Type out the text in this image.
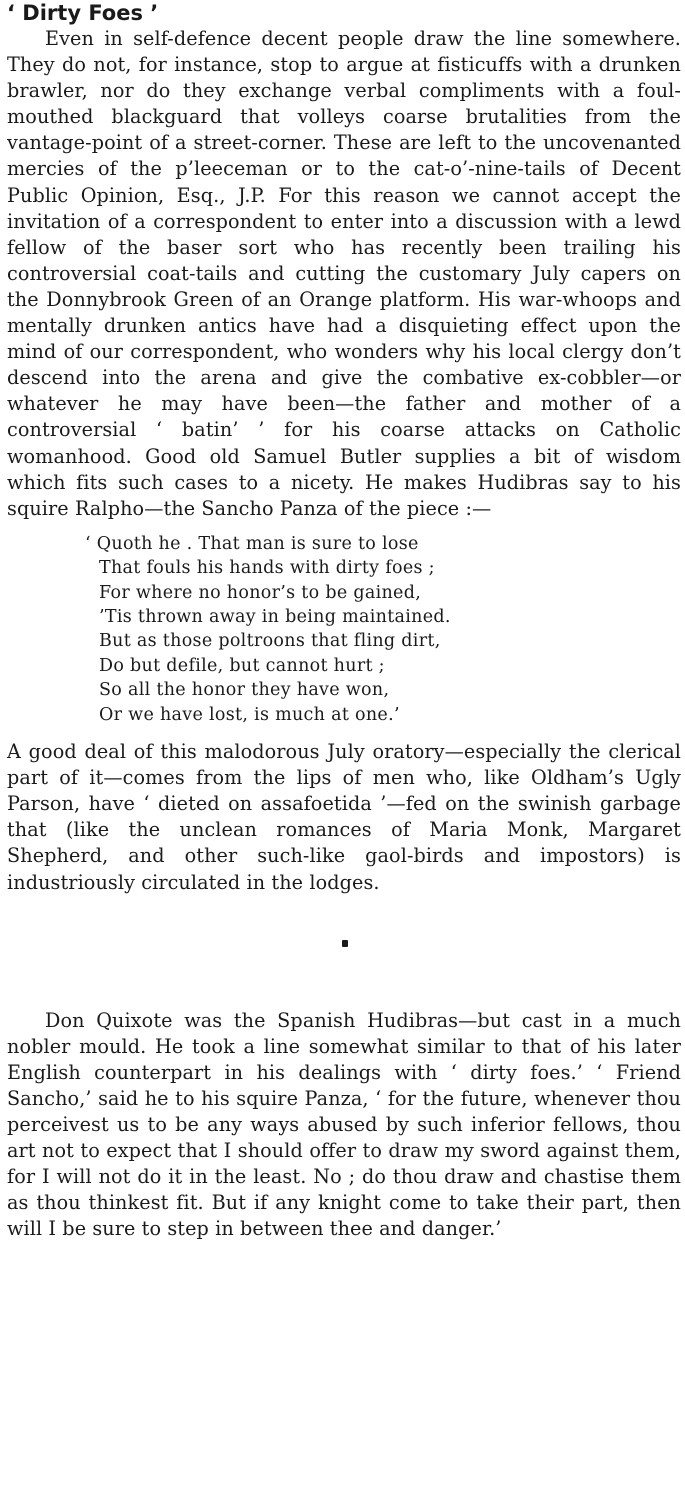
‘ Dirty Foes ’

Even in self-defence decent people draw the line somewhere. They do not, for instance, stop to argue at fisticuffs with a drunken brawler, nor do they exchange verbal compliments with a foul-mouthed blackguard that volleys coarse brutalities from the vantage-point of a street-corner. These are left to the uncovenanted mercies of the p’leeceman or to the cat-o’-nine-tails of Decent Public Opinion, Esq., J.P. For this reason we cannot accept the invitation of a correspondent to enter into a discussion with a lewd fellow of the baser sort who has recently been trailing his controversial coat-tails and cutting the customary July capers on the Donnybrook Green of an Orange platform. His war-whoops and mentally drunken antics have had a disquieting effect upon the mind of our correspondent, who wonders why his local clergy don’t descend into the arena and give the combative ex-cobbler—or whatever he may have been—the father and mother of a controversial ‘ batin’ ’ for his coarse attacks on Catholic womanhood. Good old Samuel Butler supplies a bit of wisdom which fits such cases to a nicety. He makes Hudibras say to his squire Ralpho—the Sancho Panza of the piece :—

‘ Quoth he . That man is sure to lose
That fouls his hands with dirty foes ;
For where no honor’s to be gained,
’Tis thrown away in being maintained.
But as those poltroons that fling dirt,
Do but defile, but cannot hurt ;
So all the honor they have won,
Or we have lost, is much at one.’

A good deal of this malodorous July oratory—especially the clerical part of it—comes from the lips of men who, like Oldham’s Ugly Parson, have ‘ dieted on assafoetida ’—fed on the swinish garbage that (like the unclean romances of Maria Monk, Margaret Shepherd, and other such-like gaol-birds and impostors) is industriously circulated in the lodges.

Don Quixote was the Spanish Hudibras—but cast in a much nobler mould. He took a line somewhat similar to that of his later English counterpart in his dealings with ‘ dirty foes.’ ‘ Friend Sancho,’ said he to his squire Panza, ‘ for the future, whenever thou perceivest us to be any ways abused by such inferior fellows, thou art not to expect that I should offer to draw my sword against them, for I will not do it in the least. No ; do thou draw and chastise them as thou thinkest fit. But if any knight come to take their part, then will I be sure to step in between thee and danger.’
